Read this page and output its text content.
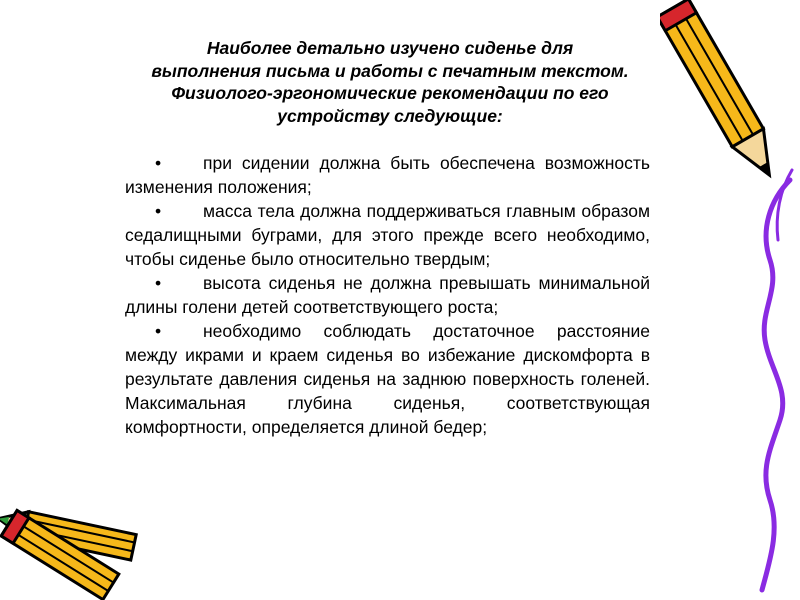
Наиболее детально изучено сиденье для выполнения письма и работы с печатным текстом. Физиолого-эргономические рекомендации по его устройству следующие:
• при сидении должна быть обеспечена возможность изменения положения;
• масса тела должна поддерживаться главным образом седалищными буграми, для этого прежде всего необходимо, чтобы сиденье было относительно твердым;
• высота сиденья не должна превышать минимальной длины голени детей соответствующего роста;
• необходимо соблюдать достаточное расстояние между икрами и краем сиденья во избежание дискомфорта в результате давления сиденья на заднюю поверхность голеней. Максимальная глубина сиденья, соответствующая комфортности, определяется длиной бедер;
